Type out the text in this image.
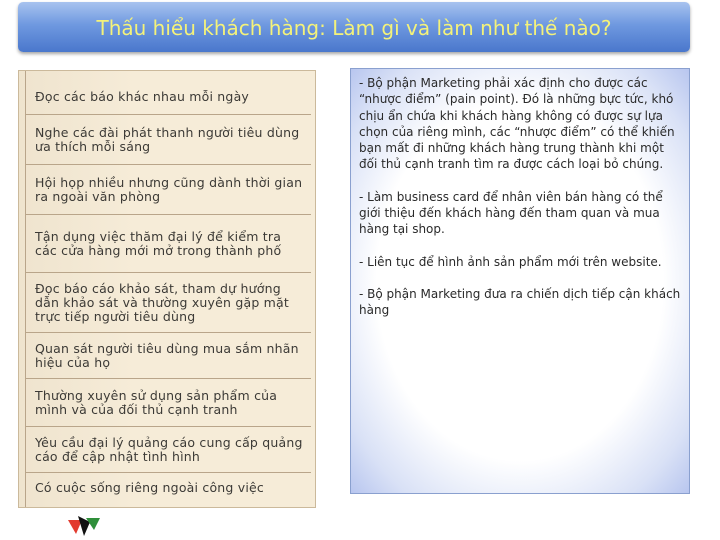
Thấu hiểu khách hàng: Làm gì và làm như thế nào?
Đọc các báo khác nhau mỗi ngày
Nghe các đài phát thanh người tiêu dùng ưa thích mỗi sáng
Hội họp nhiều nhưng cũng dành thời gian ra ngoài văn phòng
Tận dụng việc thăm đại lý để kiểm tra các cửa hàng mới mở trong thành phố
Đọc báo cáo khảo sát, tham dự hướng dẫn khảo sát và thường xuyên gặp mặt trực tiếp người tiêu dùng
Quan sát người tiêu dùng mua sắm nhãn hiệu của họ
Thường xuyên sử dụng sản phẩm của mình và của đối thủ cạnh tranh
Yêu cầu đại lý quảng cáo cung cấp quảng cáo để cập nhật tình hình
Có cuộc sống riêng ngoài công việc

- Bộ phận Marketing phải xác định cho được các “nhược điểm” (pain point). Đó là những bực tức, khó chịu ẩn chứa khi khách hàng không có được sự lựa chọn của riêng mình, các “nhược điểm” có thể khiến bạn mất đi những khách hàng trung thành khi một đối thủ cạnh tranh tìm ra được cách loại bỏ chúng.

- Làm business card để nhân viên bán hàng có thể giới thiệu đến khách hàng đến tham quan và mua hàng tại shop.

- Liên tục để hình ảnh sản phẩm mới trên website.

- Bộ phận Marketing đưa ra chiến dịch tiếp cận khách hàng
